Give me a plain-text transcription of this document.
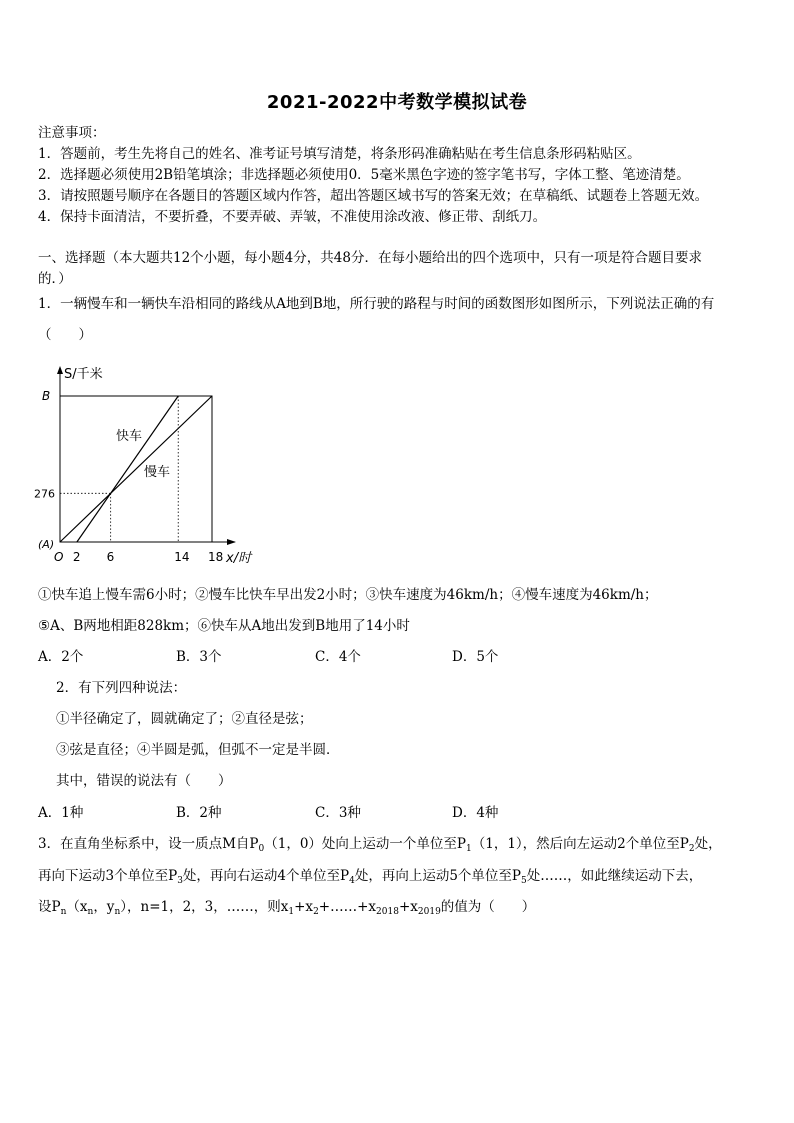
2021-2022中考数学模拟试卷
注意事项：
1．答题前，考生先将自己的姓名、准考证号填写清楚，将条形码准确粘贴在考生信息条形码粘贴区。
2．选择题必须使用2B铅笔填涂；非选择题必须使用0．5毫米黑色字迹的签字笔书写，字体工整、笔迹清楚。
3．请按照题号顺序在各题目的答题区域内作答，超出答题区域书写的答案无效；在草稿纸、试题卷上答题无效。
4．保持卡面清洁，不要折叠，不要弄破、弄皱，不准使用涂改液、修正带、刮纸刀。
一、选择题（本大题共12个小题，每小题4分，共48分．在每小题给出的四个选项中，只有一项是符合题目要求
的．）
1．一辆慢车和一辆快车沿相同的路线从A地到B地，所行驶的路程与时间的函数图形如图所示，下列说法正确的有
（　　）
快车
慢车
S/千米
x/时
B
276
(A)
O 2 6	14 18
①快车追上慢车需6小时；②慢车比快车早出发2小时；③快车速度为46km/h；④慢车速度为46km/h；
⑤A、B两地相距828km；⑥快车从A地出发到B地用了14小时
A．2个	B．3个	C．4个	D．5个
2．有下列四种说法：
①半径确定了，圆就确定了；②直径是弦；
③弦是直径；④半圆是弧，但弧不一定是半圆．
其中，错误的说法有（　　）
A．1种	B．2种	C．3种	D．4种
3．在直角坐标系中，设一质点M自$P_0(1$，0）处向上运动一个单位至$P_1(1$，1），然后向左运动2个单位至$P_2$处，
再向下运动3个单位至$P_3$处，再向右运动4个单位至$P_4$处，再向上运动5个单位至$P_5$处……，如此继续运动下去，
设$P_n(x_n$，$y_n$），n=1，2，3，……，则$x_1+x_2+\dots\dots+x_{2018}+x_{2019}$的值为（　　）
